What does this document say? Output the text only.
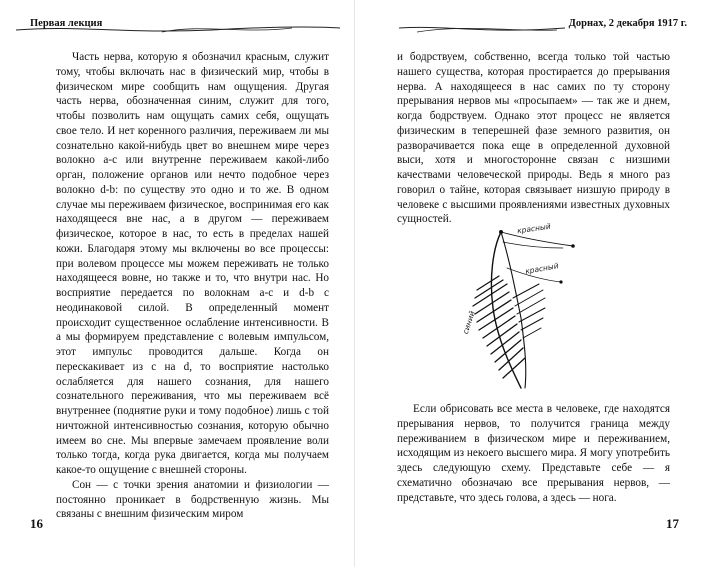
Первая лекция

Часть нерва, которую я обозначил красным, служит тому, чтобы включать нас в физический мир, чтобы в физическом мире сообщить нам ощущения. Другая часть нерва, обозначенная синим, служит для того, чтобы позволить нам ощущать самих себя, ощущать свое тело. И нет коренного различия, переживаем ли мы сознательно какой-нибудь цвет во внешнем мире через волокно a-c или внутренне переживаем какой-либо орган, положение органов или нечто подобное через волокно d-b: по существу это одно и то же. В одном случае мы переживаем физическое, воспринимая его как находящееся вне нас, а в другом — переживаем физическое, которое в нас, то есть в пределах нашей кожи. Благодаря этому мы включены во все процессы: при волевом процессе мы можем переживать не только находящееся вовне, но также и то, что внутри нас. Но восприятие передается по волокнам a-c и d-b с неодинаковой силой. В определенный момент происходит существенное ослабление интенсивности. В a мы формируем представление с волевым импульсом, этот импульс проводится дальше. Когда он перескакивает из c на d, то восприятие настолько ослабляется для нашего сознания, для нашего сознательного переживания, что мы переживаем всё внутреннее (поднятие руки и тому подобное) лишь с той ничтожной интенсивностью сознания, которую обычно имеем во сне. Мы впервые замечаем проявление воли только тогда, когда рука двигается, когда мы получаем какое-то ощущение с внешней стороны.

Сон — с точки зрения анатомии и физиологии — постоянно проникает в бодрственную жизнь. Мы связаны с внешним физическим миром

16
Дорнах, 2 декабря 1917 г.

и бодрствуем, собственно, всегда только той частью нашего существа, которая простирается до прерывания нерва. А находящееся в нас самих по ту сторону прерывания нервов мы «просыпаем» — так же и днем, когда бодрствуем. Однако этот процесс не является физическим в теперешней фазе земного развития, он разворачивается пока еще в определенной духовной выси, хотя и многосторонне связан с низшими качествами человеческой природы. Ведь я много раз говорил о тайне, которая связывает низшую природу в человеке с высшими проявлениями известных духовных сущностей.

красный
красный
синий

Если обрисовать все места в человеке, где находятся прерывания нервов, то получится граница между переживанием в физическом мире и переживанием, исходящим из некоего высшего мира. Я могу употребить здесь следующую схему. Представьте себе — я схематично обозначаю все прерывания нервов, — представьте, что здесь голова, а здесь — нога.

17
